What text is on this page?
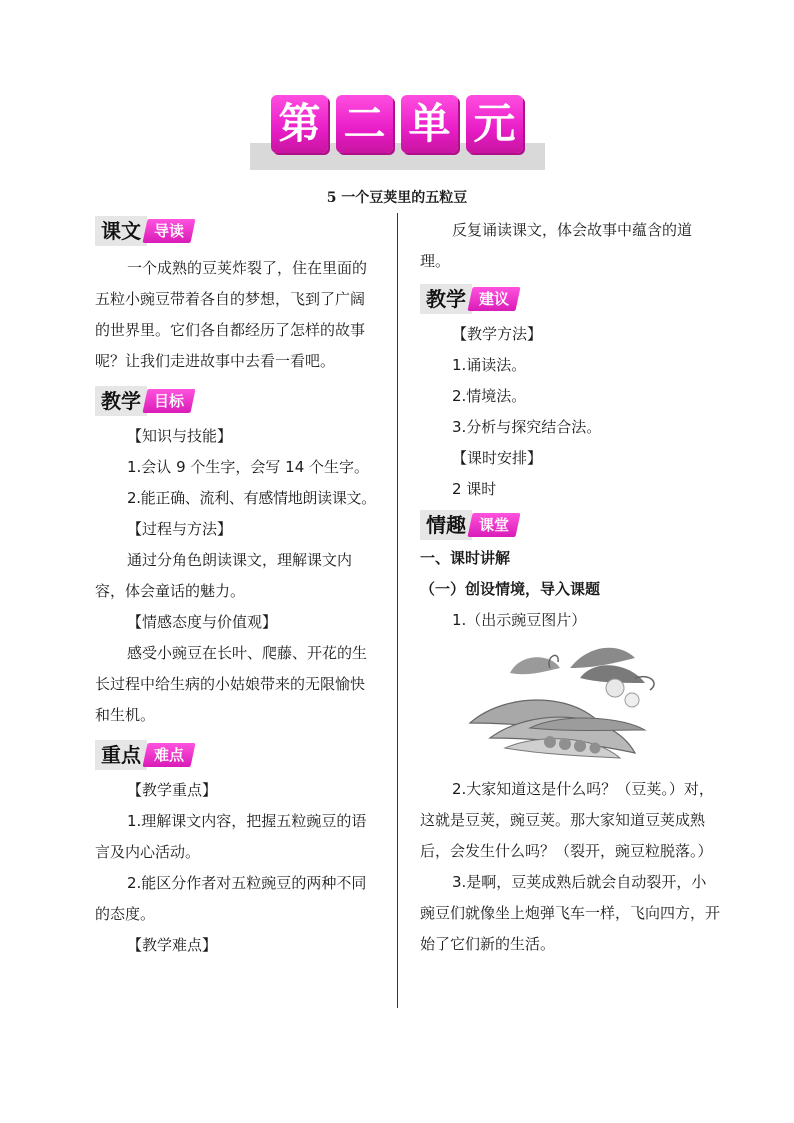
第 二 单 元
5 一个豆荚里的五粒豆
课文 导读

一个成熟的豆荚炸裂了，住在里面的五粒小豌豆带着各自的梦想，飞到了广阔的世界里。它们各自都经历了怎样的故事呢？让我们走进故事中去看一看吧。

教学 目标

【知识与技能】

1.会认 9 个生字，会写 14 个生字。

2.能正确、流利、有感情地朗读课文。

【过程与方法】

通过分角色朗读课文，理解课文内容，体会童话的魅力。

【情感态度与价值观】

感受小豌豆在长叶、爬藤、开花的生长过程中给生病的小姑娘带来的无限愉快和生机。

重点 难点

【教学重点】

1.理解课文内容，把握五粒豌豆的语言及内心活动。

2.能区分作者对五粒豌豆的两种不同的态度。

【教学难点】

反复诵读课文，体会故事中蕴含的道理。

教学 建议

【教学方法】

1.诵读法。

2.情境法。

3.分析与探究结合法。

【课时安排】

2 课时

情趣 课堂

一、课时讲解

（一）创设情境，导入课题

1.（出示豌豆图片）

2.大家知道这是什么吗？（豆荚。）对，这就是豆荚，豌豆荚。那大家知道豆荚成熟后，会发生什么吗？（裂开，豌豆粒脱落。）

3.是啊，豆荚成熟后就会自动裂开，小豌豆们就像坐上炮弹飞车一样，飞向四方，开始了它们新的生活。
